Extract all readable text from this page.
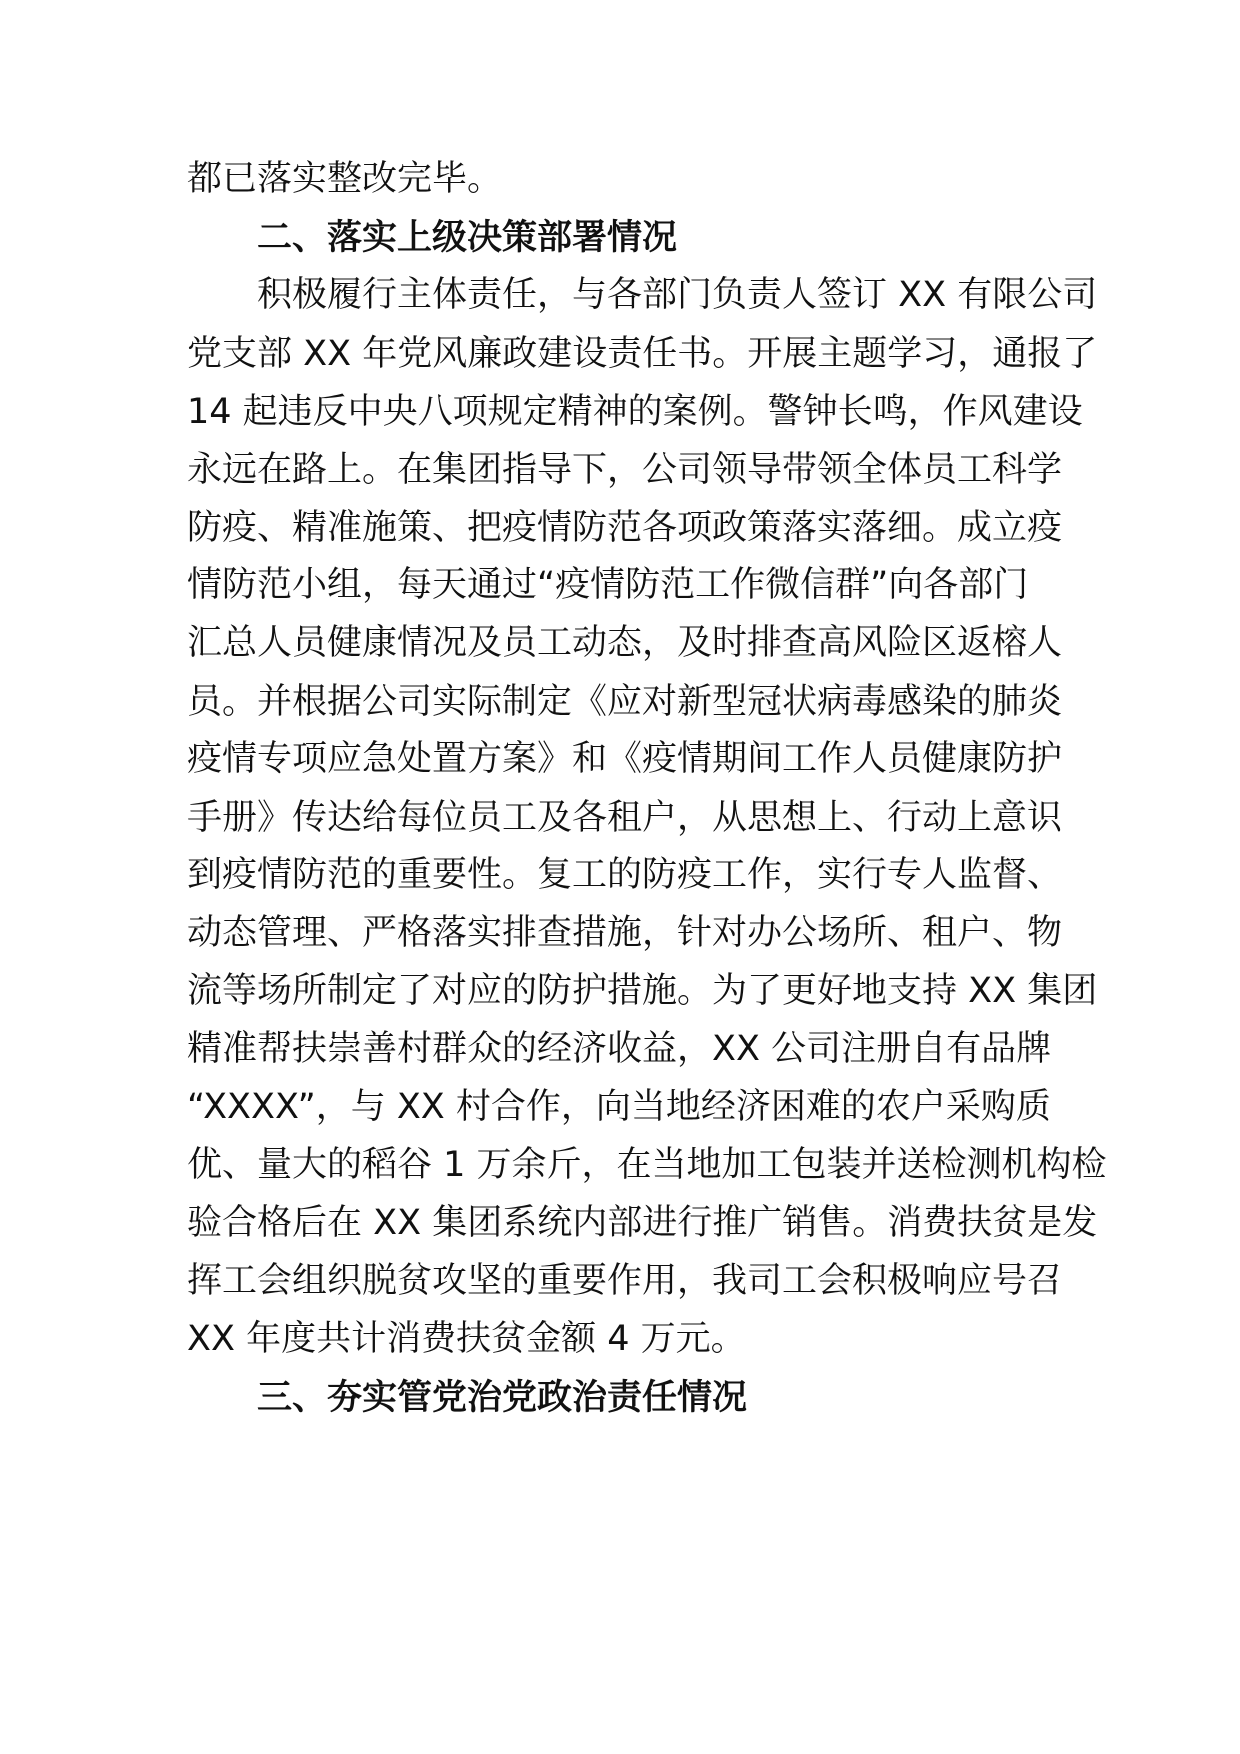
都已落实整改完毕。
二、落实上级决策部署情况
积极履行主体责任，与各部门负责人签订 XX 有限公司
党支部 XX 年党风廉政建设责任书。开展主题学习，通报了
14 起违反中央八项规定精神的案例。警钟长鸣，作风建设
永远在路上。在集团指导下，公司领导带领全体员工科学
防疫、精准施策、把疫情防范各项政策落实落细。成立疫
情防范小组，每天通过“疫情防范工作微信群”向各部门
汇总人员健康情况及员工动态，及时排查高风险区返榕人
员。并根据公司实际制定《应对新型冠状病毒感染的肺炎
疫情专项应急处置方案》和《疫情期间工作人员健康防护
手册》传达给每位员工及各租户，从思想上、行动上意识
到疫情防范的重要性。复工的防疫工作，实行专人监督、
动态管理、严格落实排查措施，针对办公场所、租户、物
流等场所制定了对应的防护措施。为了更好地支持 XX 集团
精准帮扶崇善村群众的经济收益，XX 公司注册自有品牌
“XXXX”，与 XX 村合作，向当地经济困难的农户采购质
优、量大的稻谷 1 万余斤，在当地加工包装并送检测机构检
验合格后在 XX 集团系统内部进行推广销售。消费扶贫是发
挥工会组织脱贫攻坚的重要作用，我司工会积极响应号召
XX 年度共计消费扶贫金额 4 万元。
三、夯实管党治党政治责任情况
